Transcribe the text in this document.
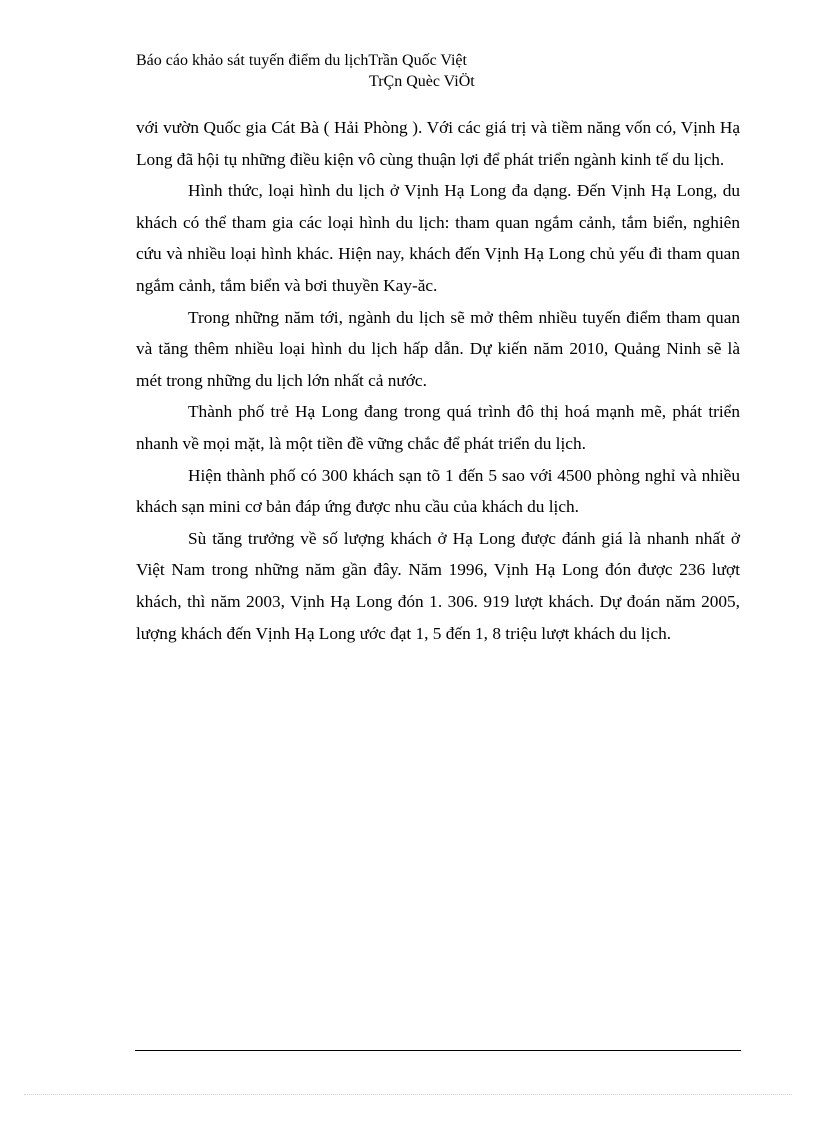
Báo cáo khảo sát tuyến điểm du lịchTrần Quốc Việt
TrÇn Quèc ViÖt

với vườn Quốc gia Cát Bà ( Hải Phòng ). Với các giá trị và tiềm năng vốn có, Vịnh Hạ Long đã hội tụ những điều kiện vô cùng thuận lợi để phát triển ngành kinh tế du lịch.

Hình thức, loại hình du lịch ở Vịnh Hạ Long đa dạng. Đến Vịnh Hạ Long, du khách có thể tham gia các loại hình du lịch: tham quan ngắm cảnh, tắm biển, nghiên cứu và nhiều loại hình khác. Hiện nay, khách đến Vịnh Hạ Long chủ yếu đi tham quan ngắm cảnh, tắm biển và bơi thuyền Kay-ăc.

Trong những năm tới, ngành du lịch sẽ mở thêm nhiều tuyến điểm tham quan và tăng thêm nhiều loại hình du lịch hấp dẫn. Dự kiến năm 2010, Quảng Ninh sẽ là mét trong những du lịch lớn nhất cả nước.

Thành phố trẻ Hạ Long đang trong quá trình đô thị hoá mạnh mẽ, phát triển nhanh về mọi mặt, là một tiền đề vững chắc để phát triển du lịch.

Hiện thành phố có 300 khách sạn tõ 1 đến 5 sao với 4500 phòng nghỉ và nhiều khách sạn mini cơ bản đáp ứng được nhu cầu của khách du lịch.

Sù tăng trưởng về số lượng khách ở Hạ Long được đánh giá là nhanh nhất ở Việt Nam trong những năm gần đây. Năm 1996, Vịnh Hạ Long đón được 236 lượt khách, thì năm 2003, Vịnh Hạ Long đón 1. 306. 919 lượt khách. Dự đoán năm 2005, lượng khách đến Vịnh Hạ Long ước đạt 1, 5 đến 1, 8 triệu lượt khách du lịch.
